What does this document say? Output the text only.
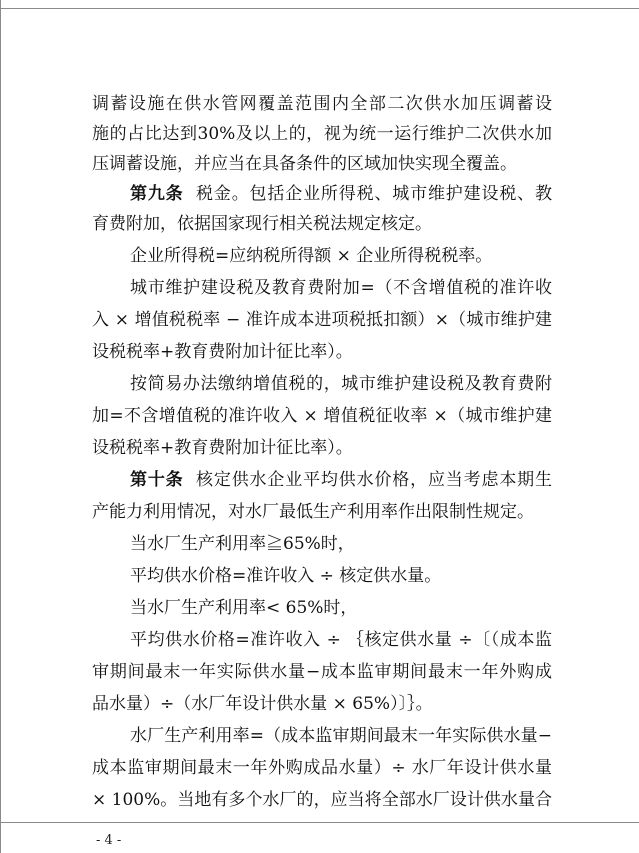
调蓄设施在供水管网覆盖范围内全部二次供水加压调蓄设
施的占比达到30%及以上的，视为统一运行维护二次供水加
压调蓄设施，并应当在具备条件的区域加快实现全覆盖。
第九条 税金。包括企业所得税、城市维护建设税、教
育费附加，依据国家现行相关税法规定核定。
企业所得税=应纳税所得额 × 企业所得税税率。
城市维护建设税及教育费附加=（不含增值税的准许收
入 × 增值税税率 − 准许成本进项税抵扣额）×（城市维护建
设税税率+教育费附加计征比率）。
按简易办法缴纳增值税的，城市维护建设税及教育费附
加=不含增值税的准许收入 × 增值税征收率 ×（城市维护建
设税税率+教育费附加计征比率）。
第十条 核定供水企业平均供水价格，应当考虑本期生
产能力利用情况，对水厂最低生产利用率作出限制性规定。
当水厂生产利用率≧65%时，
平均供水价格=准许收入 ÷ 核定供水量。
当水厂生产利用率< 65%时，
平均供水价格=准许收入 ÷ ｛核定供水量 ÷〔（成本监
审期间最末一年实际供水量−成本监审期间最末一年外购成
品水量）÷（水厂年设计供水量 × 65%）〕｝。
水厂生产利用率=（成本监审期间最末一年实际供水量−
成本监审期间最末一年外购成品水量）÷ 水厂年设计供水量
× 100%。当地有多个水厂的，应当将全部水厂设计供水量合
- 4 -
